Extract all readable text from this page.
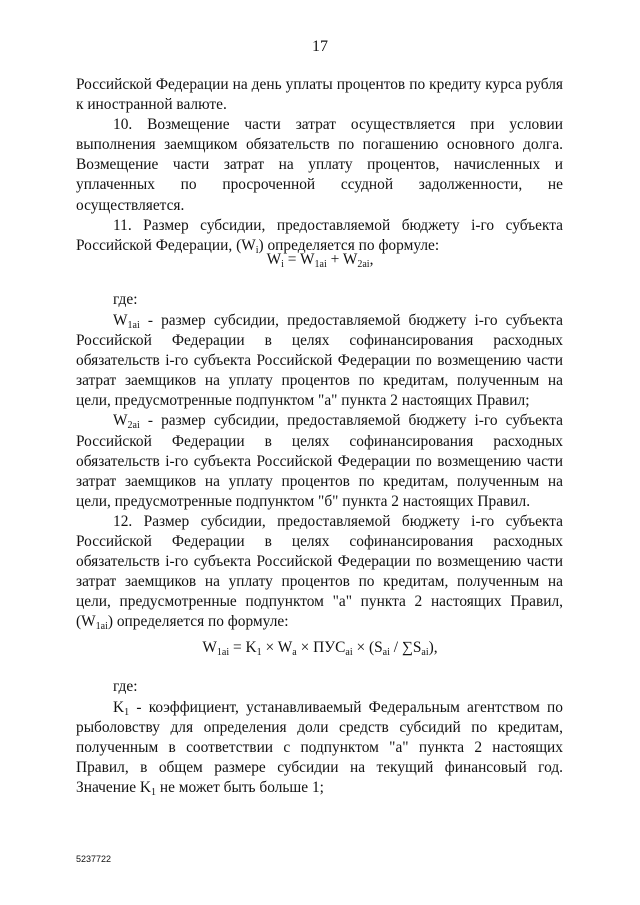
17

Российской Федерации на день уплаты процентов по кредиту курса рубля к иностранной валюте.

10. Возмещение части затрат осуществляется при условии выполнения заемщиком обязательств по погашению основного долга. Возмещение части затрат на уплату процентов, начисленных и уплаченных по просроченной ссудной задолженности, не осуществляется.

11. Размер субсидии, предоставляемой бюджету i-го субъекта Российской Федерации, $(W_i)$ определяется по формуле:

$W_i = W_{1ai} + W_{2ai}$,
где:

$W_{1ai}$ - размер субсидии, предоставляемой бюджету i-го субъекта Российской Федерации в целях софинансирования расходных обязательств i-го субъекта Российской Федерации по возмещению части затрат заемщиков на уплату процентов по кредитам, полученным на цели, предусмотренные подпунктом "а" пункта 2 настоящих Правил;

$W_{2ai}$ - размер субсидии, предоставляемой бюджету i-го субъекта Российской Федерации в целях софинансирования расходных обязательств i-го субъекта Российской Федерации по возмещению части затрат заемщиков на уплату процентов по кредитам, полученным на цели, предусмотренные подпунктом "б" пункта 2 настоящих Правил.

12. Размер субсидии, предоставляемой бюджету i-го субъекта Российской Федерации в целях софинансирования расходных обязательств i-го субъекта Российской Федерации по возмещению части затрат заемщиков на уплату процентов по кредитам, полученным на цели, предусмотренные подпунктом "а" пункта 2 настоящих Правил, $(W_{1ai})$ определяется по формуле:

$W_{1ai} = K_1 \times W_a \times ПУС_{ai} \times (S_{ai} / \sum S_{ai})$,
где:

$K_1$ - коэффициент, устанавливаемый Федеральным агентством по рыболовству для определения доли средств субсидий по кредитам, полученным в соответствии с подпунктом "а" пункта 2 настоящих Правил, в общем размере субсидии на текущий финансовый год. Значение $K_1$ не может быть больше 1;

5237722
